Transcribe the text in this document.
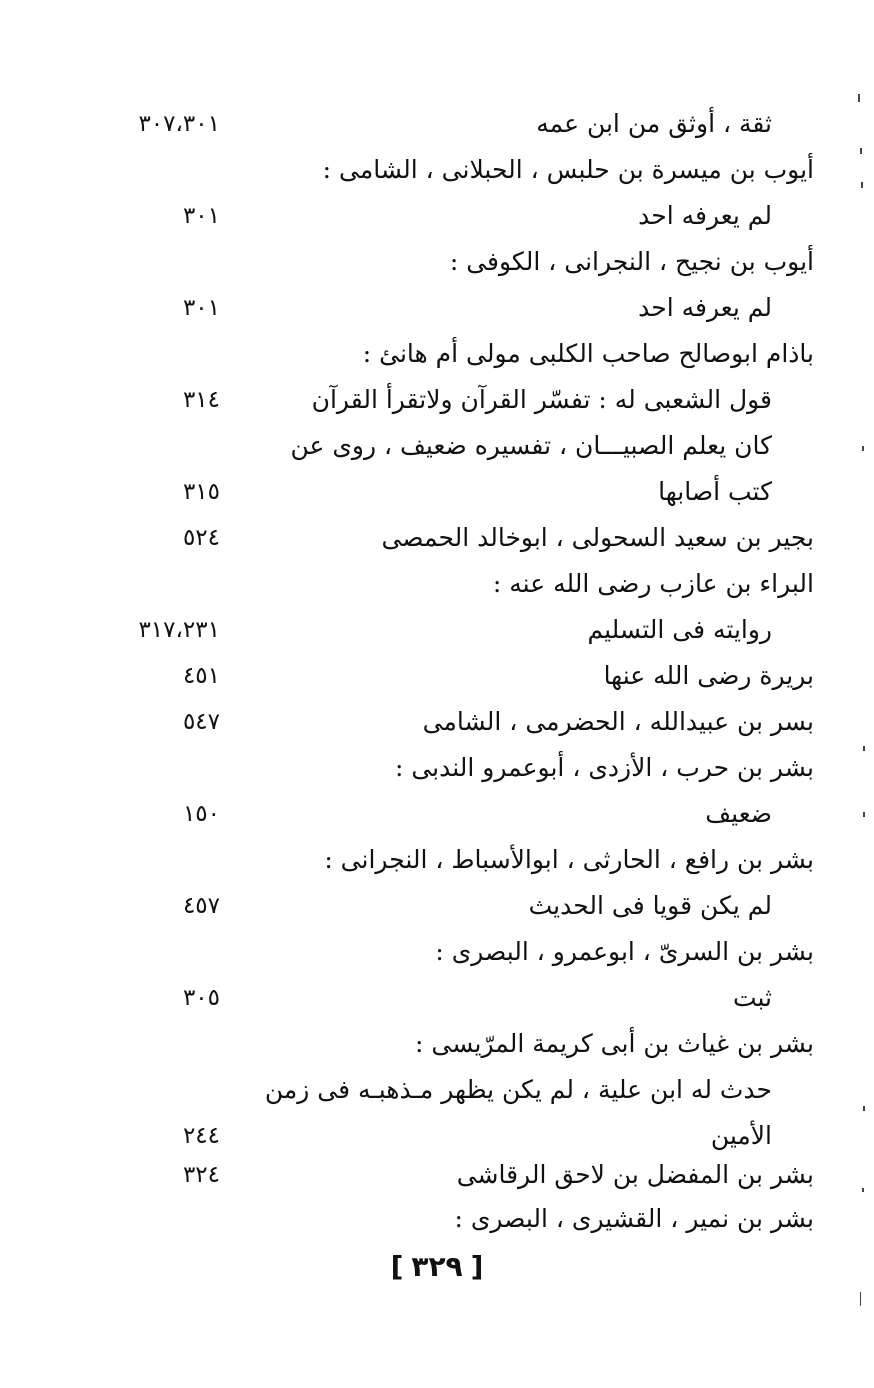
ثقة ، أوثق من ابن عمه
٣٠٧،٣٠١
أيوب بن ميسرة بن حلبس ، الحبلانى ، الشامى :
لم يعرفه احد
٣٠١
أيوب بن نجيح ، النجرانى ، الكوفى :
لم يعرفه احد
٣٠١
باذام ابوصالح صاحب الكلبى مولى أم هانئ :
قول الشعبى له : تفسّر القرآن ولاتقرأ القرآن
٣١٤
كان يعلم الصبيـــان ، تفسيره ضعيف ، روى عن
كتب أصابها
٣١٥
بجير بن سعيد السحولى ، ابوخالد الحمصى
٥٢٤
البراء بن عازب رضى الله عنه :
روايته فى التسليم
٣١٧،٢٣١
بريرة رضى الله عنها
٤٥١
بسر بن عبيدالله ، الحضرمى ، الشامى
٥٤٧
بشر بن حرب ، الأزدى ، أبوعمرو الندبى :
ضعيف
١٥٠
بشر بن رافع ، الحارثى ، ابوالأسباط ، النجرانى :
لم يكن قويا فى الحديث
٤٥٧
بشر بن السرىّ ، ابوعمرو ، البصرى :
ثبت
٣٠٥
بشر بن غياث بن أبى كريمة المرّيسى :
حدث له ابن علية ، لم يكن يظهر مـذهبـه فى زمن
الأمين
٢٤٤
بشر بن المفضل بن لاحق الرقاشى
٣٢٤
بشر بن نمير ، القشيرى ، البصرى :
[ ٣٢٩ ]
